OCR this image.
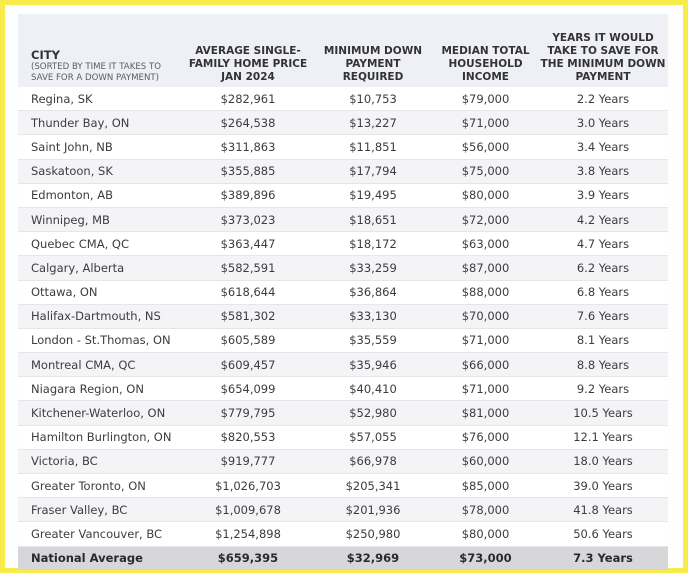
CITY
(SORTED BY TIME IT TAKES TO SAVE FOR A DOWN PAYMENT)	AVERAGE SINGLE-FAMILY HOME PRICE JAN 2024	MINIMUM DOWN PAYMENT REQUIRED	MEDIAN TOTAL HOUSEHOLD INCOME	YEARS IT WOULD TAKE TO SAVE FOR THE MINIMUM DOWN PAYMENT
Regina, SK	$282,961	$10,753	$79,000	2.2 Years
Thunder Bay, ON	$264,538	$13,227	$71,000	3.0 Years
Saint John, NB	$311,863	$11,851	$56,000	3.4 Years
Saskatoon, SK	$355,885	$17,794	$75,000	3.8 Years
Edmonton, AB	$389,896	$19,495	$80,000	3.9 Years
Winnipeg, MB	$373,023	$18,651	$72,000	4.2 Years
Quebec CMA, QC	$363,447	$18,172	$63,000	4.7 Years
Calgary, Alberta	$582,591	$33,259	$87,000	6.2 Years
Ottawa, ON	$618,644	$36,864	$88,000	6.8 Years
Halifax-Dartmouth, NS	$581,302	$33,130	$70,000	7.6 Years
London - St.Thomas, ON	$605,589	$35,559	$71,000	8.1 Years
Montreal CMA, QC	$609,457	$35,946	$66,000	8.8 Years
Niagara Region, ON	$654,099	$40,410	$71,000	9.2 Years
Kitchener-Waterloo, ON	$779,795	$52,980	$81,000	10.5 Years
Hamilton Burlington, ON	$820,553	$57,055	$76,000	12.1 Years
Victoria, BC	$919,777	$66,978	$60,000	18.0 Years
Greater Toronto, ON	$1,026,703	$205,341	$85,000	39.0 Years
Fraser Valley, BC	$1,009,678	$201,936	$78,000	41.8 Years
Greater Vancouver, BC	$1,254,898	$250,980	$80,000	50.6 Years
National Average	$659,395	$32,969	$73,000	7.3 Years
